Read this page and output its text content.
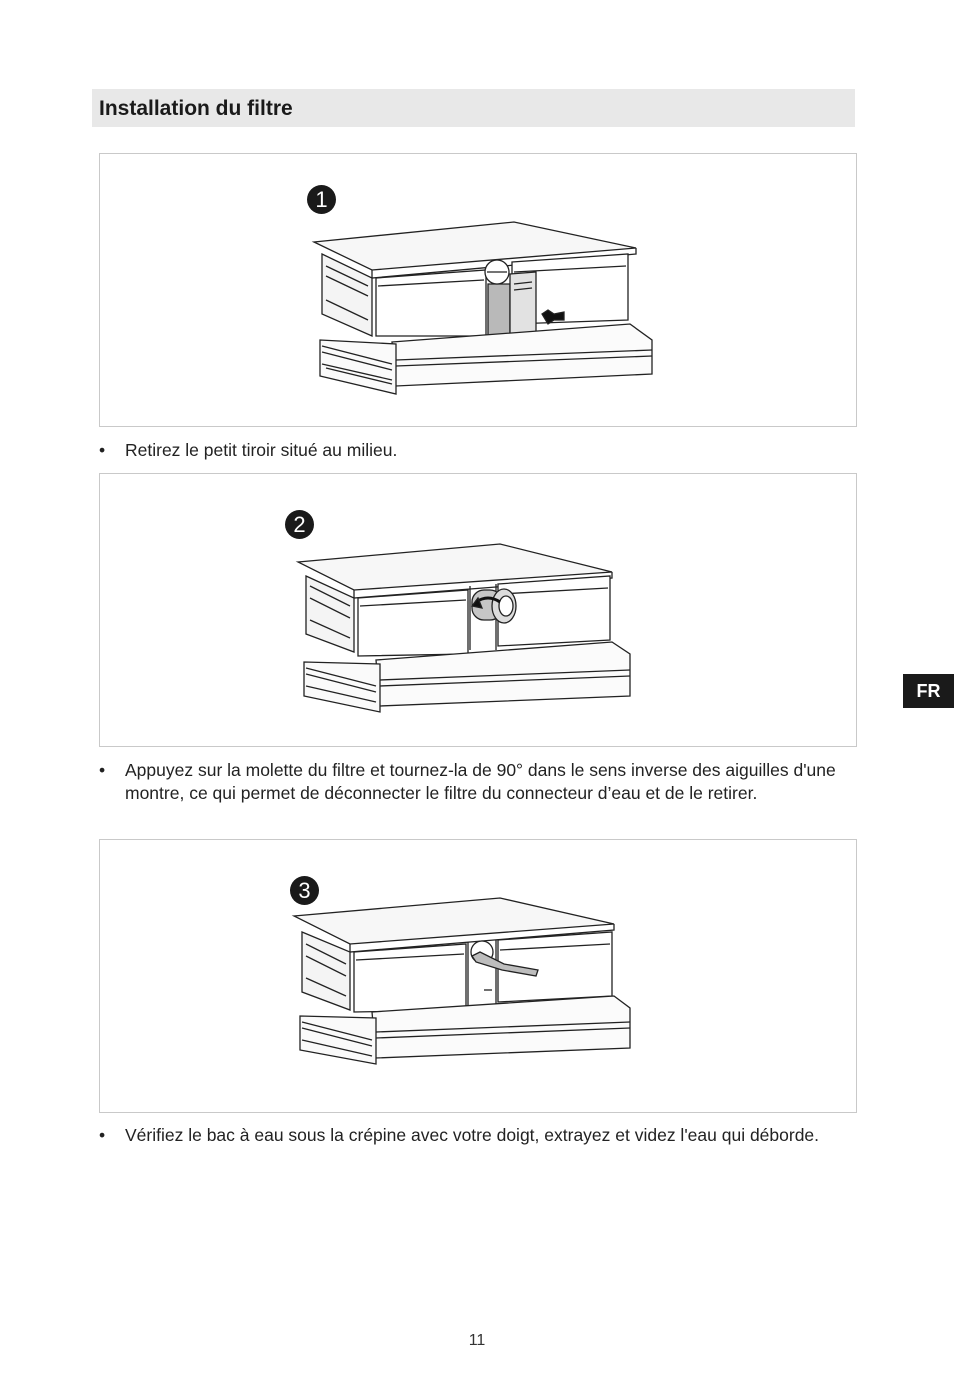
Installation du filtre
1
• Retirez le petit tiroir situé au milieu.
2
• Appuyez sur la molette du filtre et tournez-la de 90° dans le sens inverse des aiguilles d'une montre, ce qui permet de déconnecter le filtre du connecteur d’eau et de le retirer.
3
• Vérifiez le bac à eau sous la crépine avec votre doigt, extrayez et videz l'eau qui déborde.
FR
11
